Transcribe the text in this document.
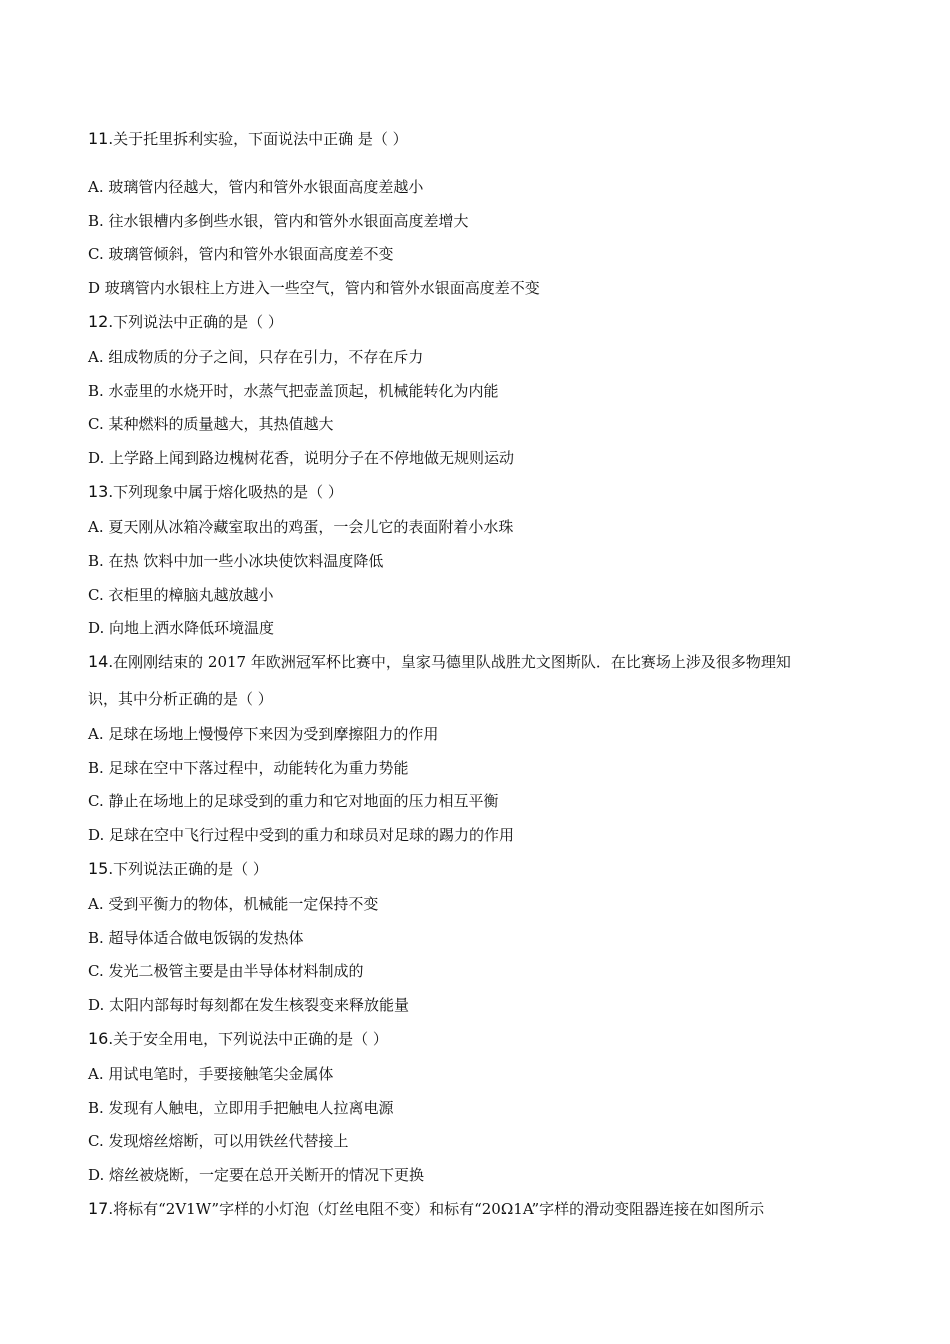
11.关于托里拆利实验，下面说法中正确 是（ ）
A. 玻璃管内径越大，管内和管外水银面高度差越小
B. 往水银槽内多倒些水银，管内和管外水银面高度差增大
C. 玻璃管倾斜，管内和管外水银面高度差不变
D 玻璃管内水银柱上方进入一些空气，管内和管外水银面高度差不变
12.下列说法中正确的是（ ）
A. 组成物质的分子之间，只存在引力，不存在斥力
B. 水壶里的水烧开时，水蒸气把壶盖顶起，机械能转化为内能
C. 某种燃料的质量越大，其热值越大
D. 上学路上闻到路边槐树花香，说明分子在不停地做无规则运动
13.下列现象中属于熔化吸热的是（ ）
A. 夏天刚从冰箱冷藏室取出的鸡蛋，一会儿它的表面附着小水珠
B. 在热 饮料中加一些小冰块使饮料温度降低
C. 衣柜里的樟脑丸越放越小
D. 向地上洒水降低环境温度
14.在刚刚结束的 2017 年欧洲冠军杯比赛中，皇家马德里队战胜尤文图斯队．在比赛场上涉及很多物理知
识，其中分析正确的是（ ）
A. 足球在场地上慢慢停下来因为受到摩擦阻力的作用
B. 足球在空中下落过程中，动能转化为重力势能
C. 静止在场地上的足球受到的重力和它对地面的压力相互平衡
D. 足球在空中飞行过程中受到的重力和球员对足球的踢力的作用
15.下列说法正确的是（ ）
A. 受到平衡力的物体，机械能一定保持不变
B. 超导体适合做电饭锅的发热体
C. 发光二极管主要是由半导体材料制成的
D. 太阳内部每时每刻都在发生核裂变来释放能量
16.关于安全用电，下列说法中正确的是（ ）
A. 用试电笔时，手要接触笔尖金属体
B. 发现有人触电，立即用手把触电人拉离电源
C. 发现熔丝熔断，可以用铁丝代替接上
D. 熔丝被烧断，一定要在总开关断开的情况下更换
17.将标有“2V1W”字样的小灯泡（灯丝电阻不变）和标有“20Ω1A”字样的滑动变阻器连接在如图所示
